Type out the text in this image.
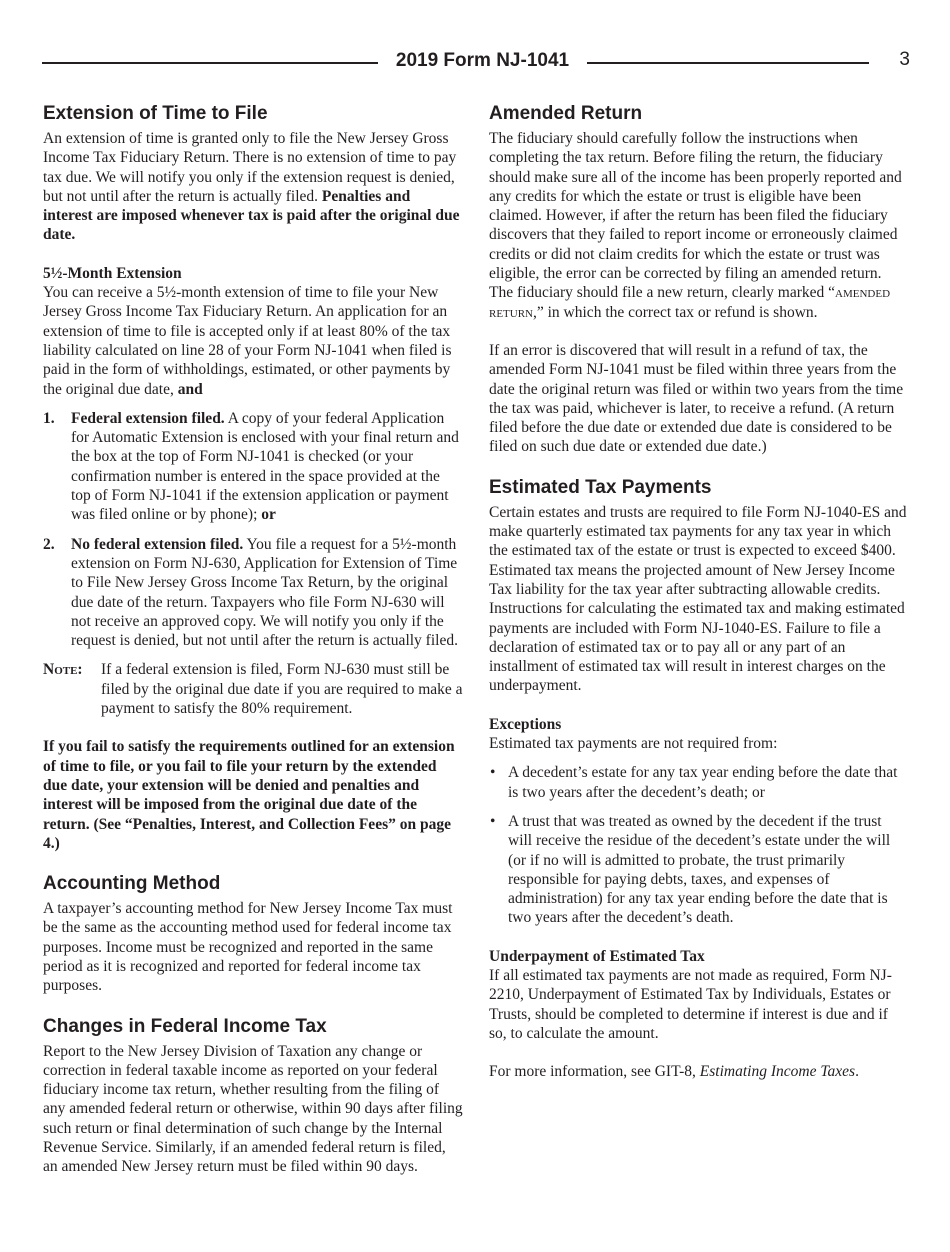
2019 Form NJ-1041	3
Extension of Time to File

An extension of time is granted only to file the New Jersey Gross Income Tax Fiduciary Return. There is no extension of time to pay tax due. We will notify you only if the extension request is denied, but not until after the return is actually filed. Penalties and interest are imposed whenever tax is paid after the original due date.

5½-Month Extension

You can receive a 5½-month extension of time to file your New Jersey Gross Income Tax Fiduciary Return. An application for an extension of time to file is accepted only if at least 80% of the tax liability calculated on line 28 of your Form NJ-1041 when filed is paid in the form of withholdings, estimated, or other payments by the original due date, and

1. Federal extension filed. A copy of your federal Application for Automatic Extension is enclosed with your final return and the box at the top of Form NJ-1041 is checked (or your confirmation number is entered in the space provided at the top of Form NJ-1041 if the extension application or payment was filed online or by phone); or
2. No federal extension filed. You file a request for a 5½-month extension on Form NJ-630, Application for Extension of Time to File New Jersey Gross Income Tax Return, by the original due date of the return. Taxpayers who file Form NJ-630 will not receive an approved copy. We will notify you only if the request is denied, but not until after the return is actually filed.
Note: If a federal extension is filed, Form NJ-630 must still be filed by the original due date if you are required to make a payment to satisfy the 80% requirement.

If you fail to satisfy the requirements outlined for an extension of time to file, or you fail to file your return by the extended due date, your extension will be denied and penalties and interest will be imposed from the original due date of the return. (See “Penalties, Interest, and Collection Fees” on page 4.)

Accounting Method

A taxpayer’s accounting method for New Jersey Income Tax must be the same as the accounting method used for federal income tax purposes. Income must be recognized and reported in the same period as it is recognized and reported for federal income tax purposes.

Changes in Federal Income Tax

Report to the New Jersey Division of Taxation any change or correction in federal taxable income as reported on your federal fiduciary income tax return, whether resulting from the filing of any amended federal return or otherwise, within 90 days after filing such return or final determination of such change by the Internal Revenue Service. Similarly, if an amended federal return is filed, an amended New Jersey return must be filed within 90 days.

Amended Return

The fiduciary should carefully follow the instructions when completing the tax return. Before filing the return, the fiduciary should make sure all of the income has been properly reported and any credits for which the estate or trust is eligible have been claimed. However, if after the return has been filed the fiduciary discovers that they failed to report income or erroneously claimed credits or did not claim credits for which the estate or trust was eligible, the error can be corrected by filing an amended return. The fiduciary should file a new return, clearly marked “amended return,” in which the correct tax or refund is shown.

If an error is discovered that will result in a refund of tax, the amended Form NJ-1041 must be filed within three years from the date the original return was filed or within two years from the time the tax was paid, whichever is later, to receive a refund. (A return filed before the due date or extended due date is considered to be filed on such due date or extended due date.)

Estimated Tax Payments

Certain estates and trusts are required to file Form NJ-1040-ES and make quarterly estimated tax payments for any tax year in which the estimated tax of the estate or trust is expected to exceed $400. Estimated tax means the projected amount of New Jersey Income Tax liability for the tax year after subtracting allowable credits. Instructions for calculating the estimated tax and making estimated payments are included with Form NJ-1040-ES. Failure to file a declaration of estimated tax or to pay all or any part of an installment of estimated tax will result in interest charges on the underpayment.

Exceptions

Estimated tax payments are not required from:

• A decedent’s estate for any tax year ending before the date that is two years after the decedent’s death; or
• A trust that was treated as owned by the decedent if the trust will receive the residue of the decedent’s estate under the will (or if no will is admitted to probate, the trust primarily responsible for paying debts, taxes, and expenses of administration) for any tax year ending before the date that is two years after the decedent’s death.
Underpayment of Estimated Tax

If all estimated tax payments are not made as required, Form NJ-2210, Underpayment of Estimated Tax by Individuals, Estates or Trusts, should be completed to determine if interest is due and if so, to calculate the amount.

For more information, see GIT-8, Estimating Income Taxes.
